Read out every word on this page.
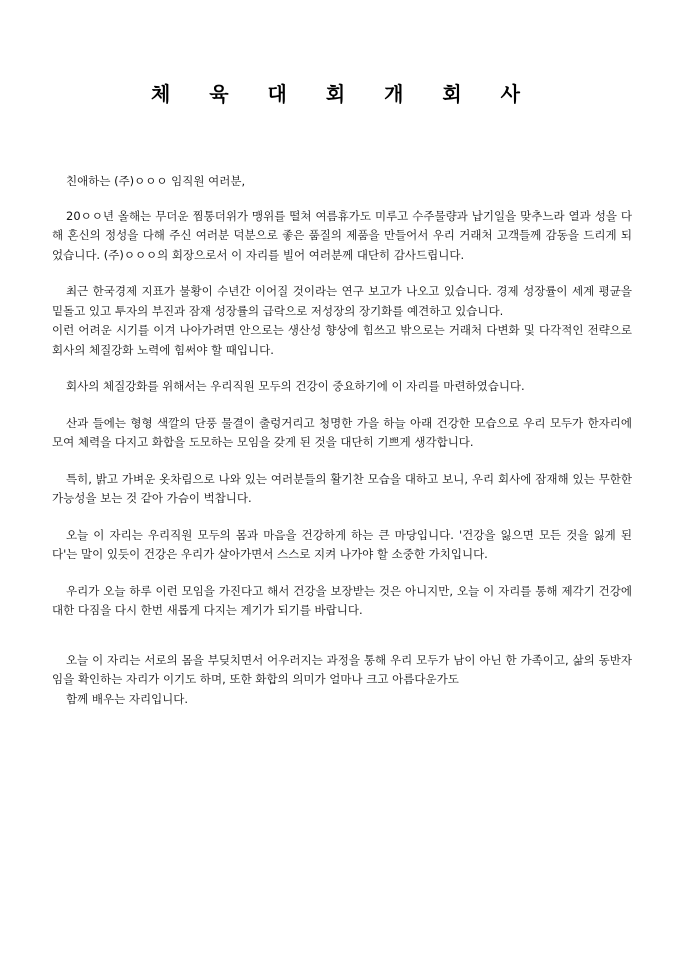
체 육 대 회 개 회 사

친애하는 (주)ㅇㅇㅇ 임직원 여러분,

20ㅇㅇ년 올해는 무더운 찜통더위가 맹위를 떨쳐 여름휴가도 미루고 수주물량과 납기일을 맞추느라 열과 성을 다해 혼신의 정성을 다해 주신 여러분 덕분으로 좋은 품질의 제품을 만들어서 우리 거래처 고객들께 감동을 드리게 되었습니다. (주)ㅇㅇㅇ의 회장으로서 이 자리를 빌어 여러분께 대단히 감사드립니다.

최근 한국경제 지표가 불황이 수년간 이어질 것이라는 연구 보고가 나오고 있습니다. 경제 성장률이 세계 평균을 밑돌고 있고 투자의 부진과 잠재 성장률의 급락으로 저성장의 장기화를 예견하고 있습니다.

이런 어려운 시기를 이겨 나아가려면 안으로는 생산성 향상에 힘쓰고 밖으로는 거래처 다변화 및 다각적인 전략으로 회사의 체질강화 노력에 힘써야 할 때입니다.

회사의 체질강화를 위해서는 우리직원 모두의 건강이 중요하기에 이 자리를 마련하였습니다.

산과 들에는 형형 색깔의 단풍 물결이 출렁거리고 청명한 가을 하늘 아래 건강한 모습으로 우리 모두가 한자리에 모여 체력을 다지고 화합을 도모하는 모임을 갖게 된 것을 대단히 기쁘게 생각합니다.

특히, 밝고 가벼운 옷차림으로 나와 있는 여러분들의 활기찬 모습을 대하고 보니, 우리 회사에 잠재해 있는 무한한 가능성을 보는 것 같아 가슴이 벅찹니다.

오늘 이 자리는 우리직원 모두의 몸과 마음을 건강하게 하는 큰 마당입니다. '건강을 잃으면 모든 것을 잃게 된다'는 말이 있듯이 건강은 우리가 살아가면서 스스로 지켜 나가야 할 소중한 가치입니다.

우리가 오늘 하루 이런 모임을 가진다고 해서 건강을 보장받는 것은 아니지만, 오늘 이 자리를 통해 제각기 건강에 대한 다짐을 다시 한번 새롭게 다지는 계기가 되기를 바랍니다.

오늘 이 자리는 서로의 몸을 부딪치면서 어우러지는 과정을 통해 우리 모두가 남이 아닌 한 가족이고, 삶의 동반자임을 확인하는 자리가 이기도 하며, 또한 화합의 의미가 얼마나 크고 아름다운가도

함께 배우는 자리입니다.
